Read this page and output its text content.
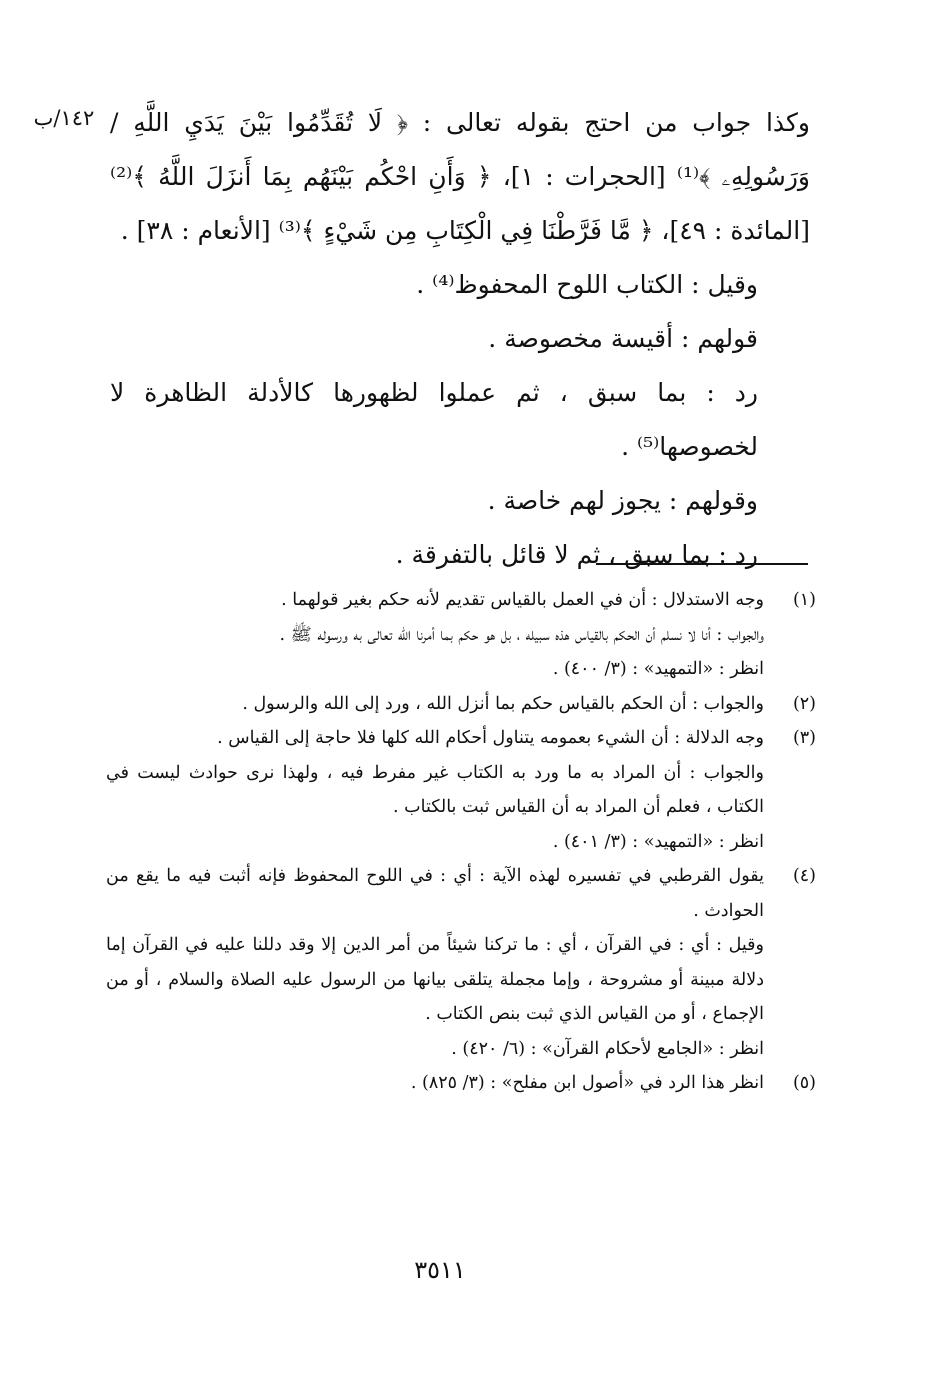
١٤٢/ب وكذا جواب من احتج بقوله تعالى : ﴿ لَا تُقَدِّمُوا بَيْنَ يَدَيِ اللَّهِ / وَرَسُولِهِۦ ﴾⁽¹⁾ [الحجرات : ١]، ﴿ وَأَنِ احْكُم بَيْنَهُم بِمَا أَنزَلَ اللَّهُ ﴾⁽²⁾ [المائدة : ٤٩]، ﴿ مَّا فَرَّطْنَا فِي الْكِتَابِ مِن شَيْءٍ ﴾⁽³⁾ [الأنعام : ٣٨] .

وقيل : الكتاب اللوح المحفوظ⁽⁴⁾ .

قولهم : أقيسة مخصوصة .

رد : بما سبق ، ثم عملوا لظهورها كالأدلة الظاهرة لا لخصوصها⁽⁵⁾ .

وقولهم : يجوز لهم خاصة .

رد : بما سبق ، ثم لا قائل بالتفرقة .

(١)

وجه الاستدلال : أن في العمل بالقياس تقديم لأنه حكم بغير قولهما .

والجواب : أنا لا نسلم أن الحكم بالقياس هذه سبيله ، بل هو حكم بما أمرنا الله تعالى به ورسوله ﷺ .

انظر : «التمهيد» : (٣/ ٤٠٠) .

(٢)

والجواب : أن الحكم بالقياس حكم بما أنزل الله ، ورد إلى الله والرسول .

(٣)

وجه الدلالة : أن الشيء بعمومه يتناول أحكام الله كلها فلا حاجة إلى القياس .

والجواب : أن المراد به ما ورد به الكتاب غير مفرط فيه ، ولهذا نرى حوادث ليست في الكتاب ، فعلم أن المراد به أن القياس ثبت بالكتاب .

انظر : «التمهيد» : (٣/ ٤٠١) .

(٤)

يقول القرطبي في تفسيره لهذه الآية : أي : في اللوح المحفوظ فإنه أثبت فيه ما يقع من الحوادث .

وقيل : أي : في القرآن ، أي : ما تركنا شيئاً من أمر الدين إلا وقد دللنا عليه في القرآن إما دلالة مبينة أو مشروحة ، وإما مجملة يتلقى بيانها من الرسول عليه الصلاة والسلام ، أو من الإجماع ، أو من القياس الذي ثبت بنص الكتاب .

انظر : «الجامع لأحكام القرآن» : (٦/ ٤٢٠) .

(٥)

انظر هذا الرد في «أصول ابن مفلح» : (٣/ ٨٢٥) .

٣٥١١
